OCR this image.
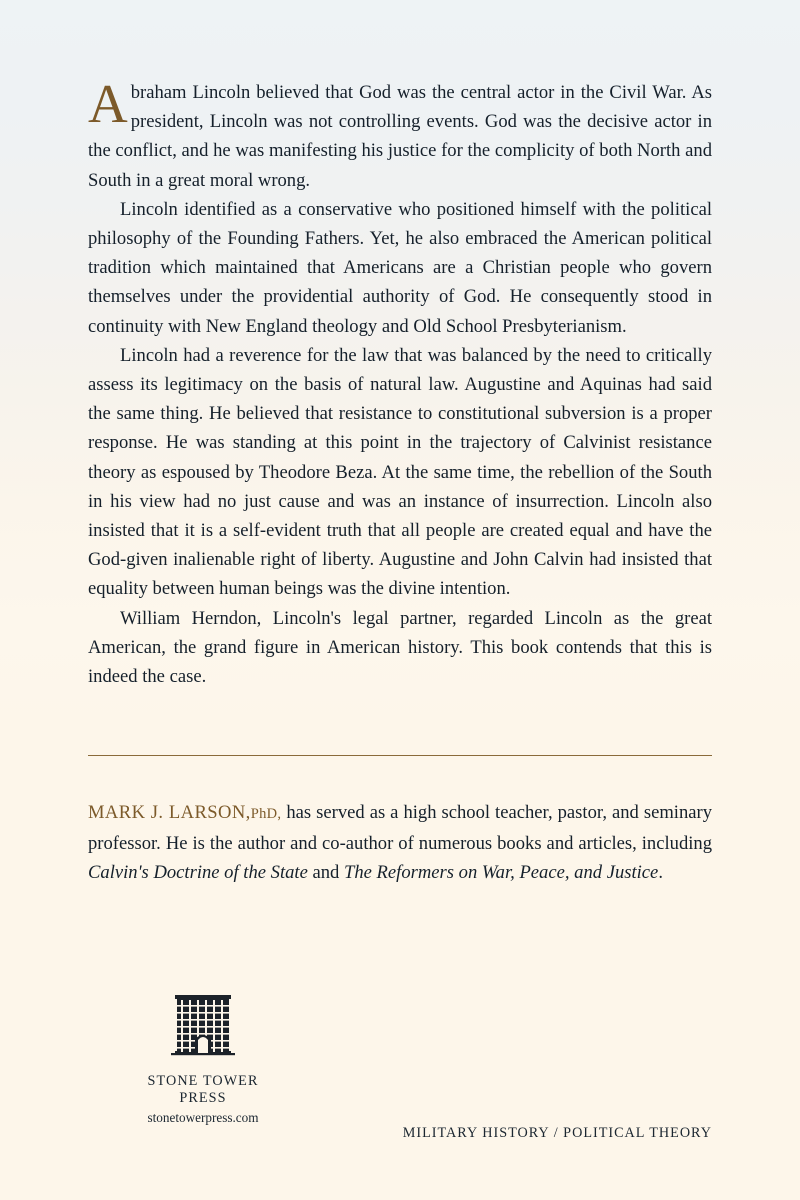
Abraham Lincoln believed that God was the central actor in the Civil War. As president, Lincoln was not controlling events. God was the decisive actor in the conflict, and he was manifesting his justice for the complicity of both North and South in a great moral wrong.

Lincoln identified as a conservative who positioned himself with the political philosophy of the Founding Fathers. Yet, he also embraced the American political tradition which maintained that Americans are a Christian people who govern themselves under the providential authority of God. He consequently stood in continuity with New England theology and Old School Presbyterianism.

Lincoln had a reverence for the law that was balanced by the need to critically assess its legitimacy on the basis of natural law. Augustine and Aquinas had said the same thing. He believed that resistance to constitutional subversion is a proper response. He was standing at this point in the trajectory of Calvinist resistance theory as espoused by Theodore Beza. At the same time, the rebellion of the South in his view had no just cause and was an instance of insurrection. Lincoln also insisted that it is a self-evident truth that all people are created equal and have the God-given inalienable right of liberty. Augustine and John Calvin had insisted that equality between human beings was the divine intention.

William Herndon, Lincoln's legal partner, regarded Lincoln as the great American, the grand figure in American history. This book contends that this is indeed the case.

MARK J. LARSON,PhD, has served as a high school teacher, pastor, and seminary professor. He is the author and co-author of numerous books and articles, including Calvin's Doctrine of the State and The Reformers on War, Peace, and Justice.
STONE TOWER PRESS
stonetowerpress.com
MILITARY HISTORY / POLITICAL THEORY
